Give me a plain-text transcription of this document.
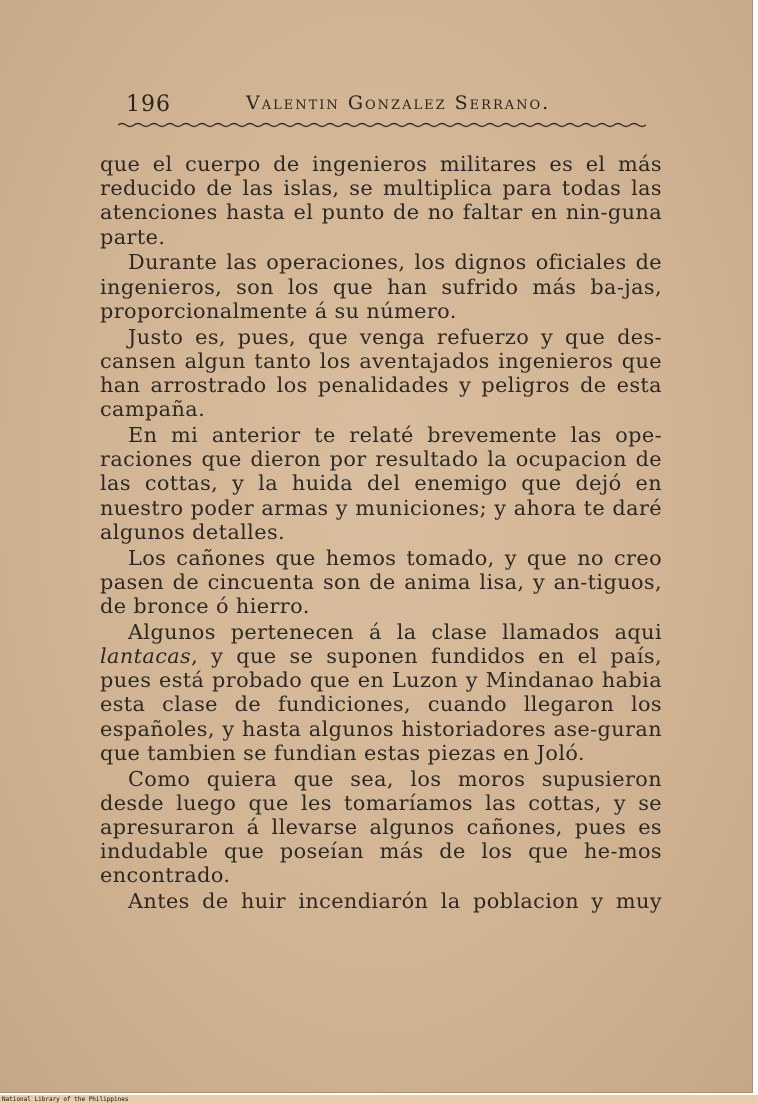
196	Valentin Gonzalez Serrano.

que el cuerpo de ingenieros militares es el más reducido de las islas, se multiplica para todas las atenciones hasta el punto de no faltar en nin-guna parte.

Durante las operaciones, los dignos oficiales de ingenieros, son los que han sufrido más ba-jas, proporcionalmente á su número.

Justo es, pues, que venga refuerzo y que des-cansen algun tanto los aventajados ingenieros que han arrostrado los penalidades y peligros de esta campaña.

En mi anterior te relaté brevemente las ope-raciones que dieron por resultado la ocupacion de las cottas, y la huida del enemigo que dejó en nuestro poder armas y municiones; y ahora te daré algunos detalles.

Los cañones que hemos tomado, y que no creo pasen de cincuenta son de anima lisa, y an-tiguos, de bronce ó hierro.

Algunos pertenecen á la clase llamados aqui lantacas, y que se suponen fundidos en el país, pues está probado que en Luzon y Mindanao habia esta clase de fundiciones, cuando llegaron los españoles, y hasta algunos historiadores ase-guran que tambien se fundian estas piezas en Joló.

Como quiera que sea, los moros supusieron desde luego que les tomaríamos las cottas, y se apresuraron á llevarse algunos cañones, pues es indudable que poseían más de los que he-mos encontrado.

Antes de huir incendiarón la poblacion y muy

National Library of the Philippines
